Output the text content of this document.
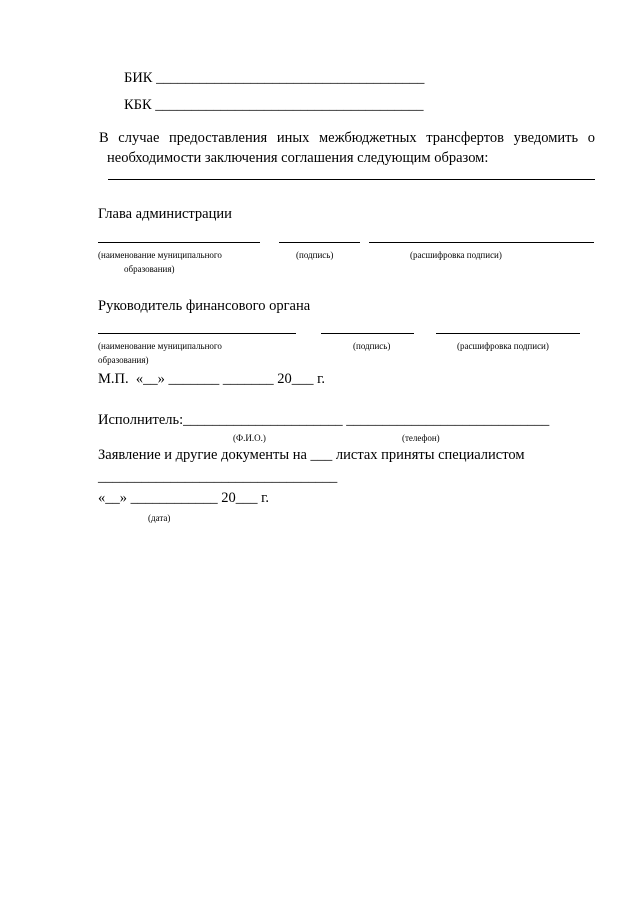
БИК _____________________________________
КБК _____________________________________
В случае предоставления иных межбюджетных трансфертов уведомить о необходимости заключения соглашения следующим образом:
Глава администрации
(наименование муниципального
образования)
(подпись)	(расшифровка подписи)
Руководитель финансового органа
(наименование муниципального
образования)
(подпись)	(расшифровка подписи)
М.П.  «__» _______ _______ 20___ г.
Исполнитель:______________________ ____________________________
(Ф.И.О.)	(телефон)
Заявление и другие документы на ___ листах приняты специалистом
_________________________________
«__» ____________ 20___ г.
(дата)
